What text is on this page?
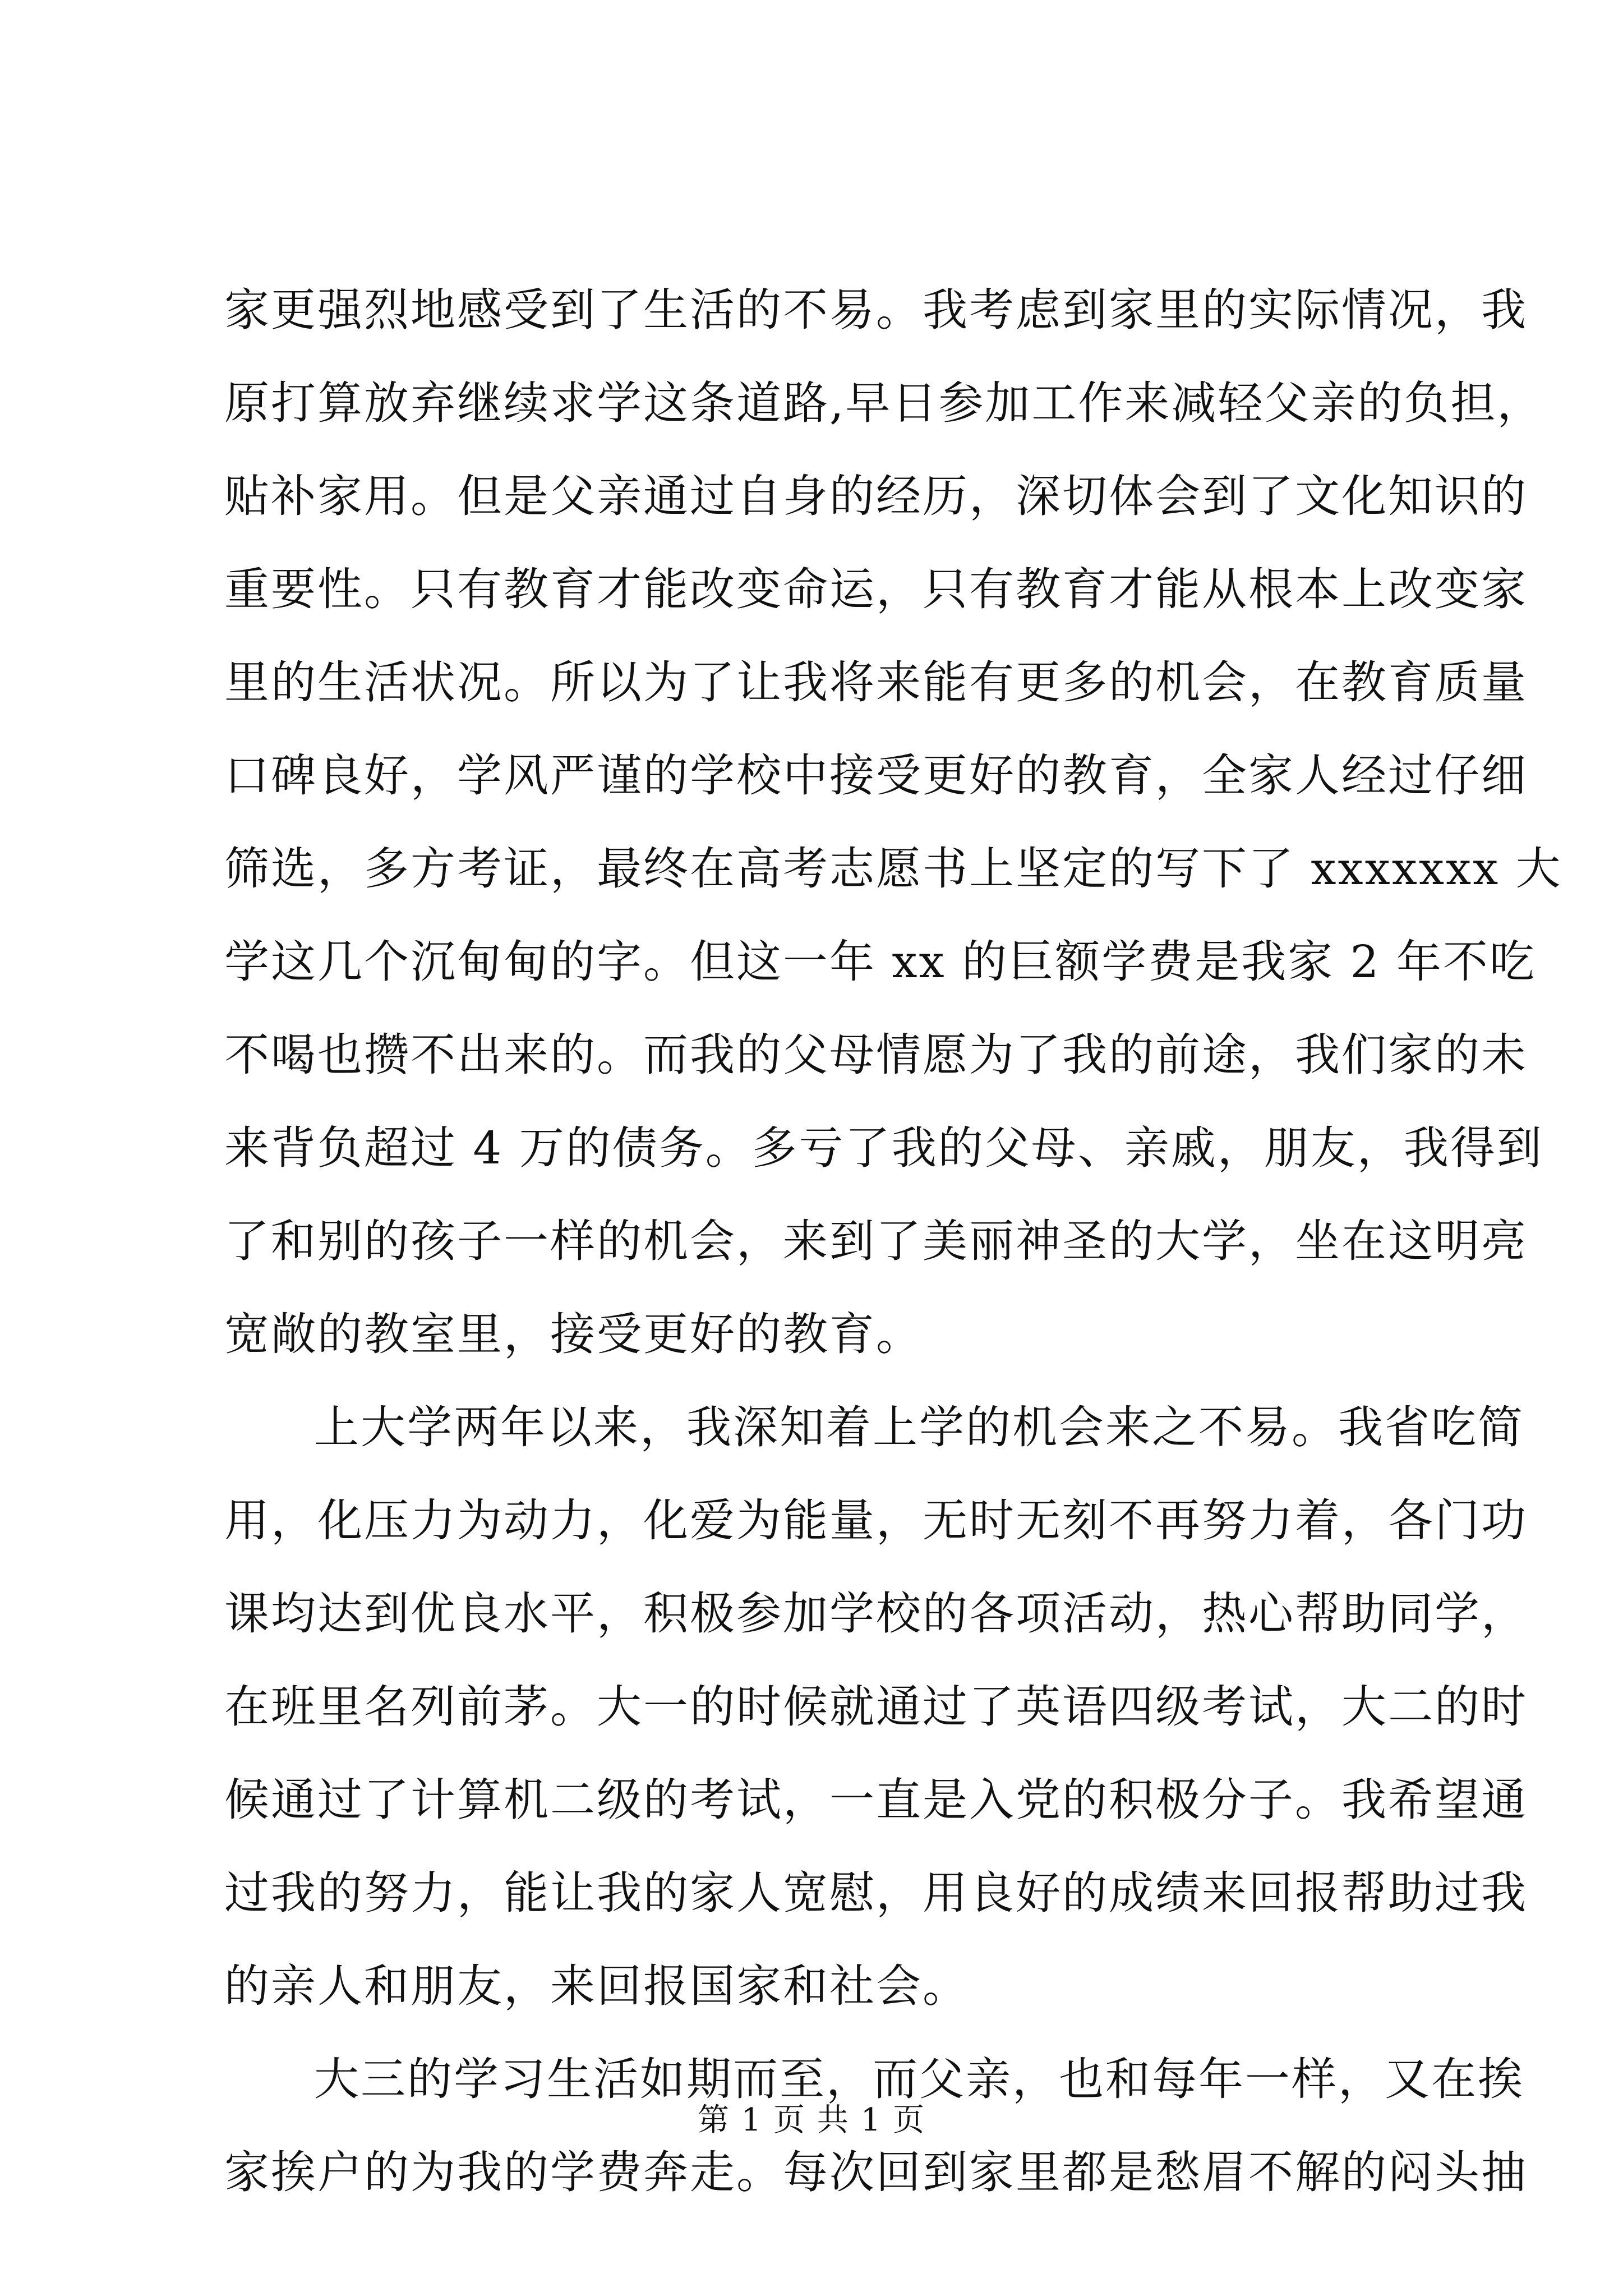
家更强烈地感受到了生活的不易。我考虑到家里的实际情况，我
原打算放弃继续求学这条道路,早日参加工作来减轻父亲的负担，
贴补家用。但是父亲通过自身的经历，深切体会到了文化知识的
重要性。只有教育才能改变命运，只有教育才能从根本上改变家
里的生活状况。所以为了让我将来能有更多的机会，在教育质量
口碑良好，学风严谨的学校中接受更好的教育，全家人经过仔细
筛选，多方考证，最终在高考志愿书上坚定的写下了 xxxxxxx 大
学这几个沉甸甸的字。但这一年 xx 的巨额学费是我家 2 年不吃
不喝也攒不出来的。而我的父母情愿为了我的前途，我们家的未
来背负超过 4 万的债务。多亏了我的父母、亲戚，朋友，我得到
了和别的孩子一样的机会，来到了美丽神圣的大学，坐在这明亮
宽敞的教室里，接受更好的教育。
上大学两年以来，我深知着上学的机会来之不易。我省吃简
用，化压力为动力，化爱为能量，无时无刻不再努力着，各门功
课均达到优良水平，积极参加学校的各项活动，热心帮助同学，
在班里名列前茅。大一的时候就通过了英语四级考试，大二的时
候通过了计算机二级的考试，一直是入党的积极分子。我希望通
过我的努力，能让我的家人宽慰，用良好的成绩来回报帮助过我
的亲人和朋友，来回报国家和社会。
大三的学习生活如期而至，而父亲，也和每年一样，又在挨
家挨户的为我的学费奔走。每次回到家里都是愁眉不解的闷头抽
第 1 页 共 1 页
